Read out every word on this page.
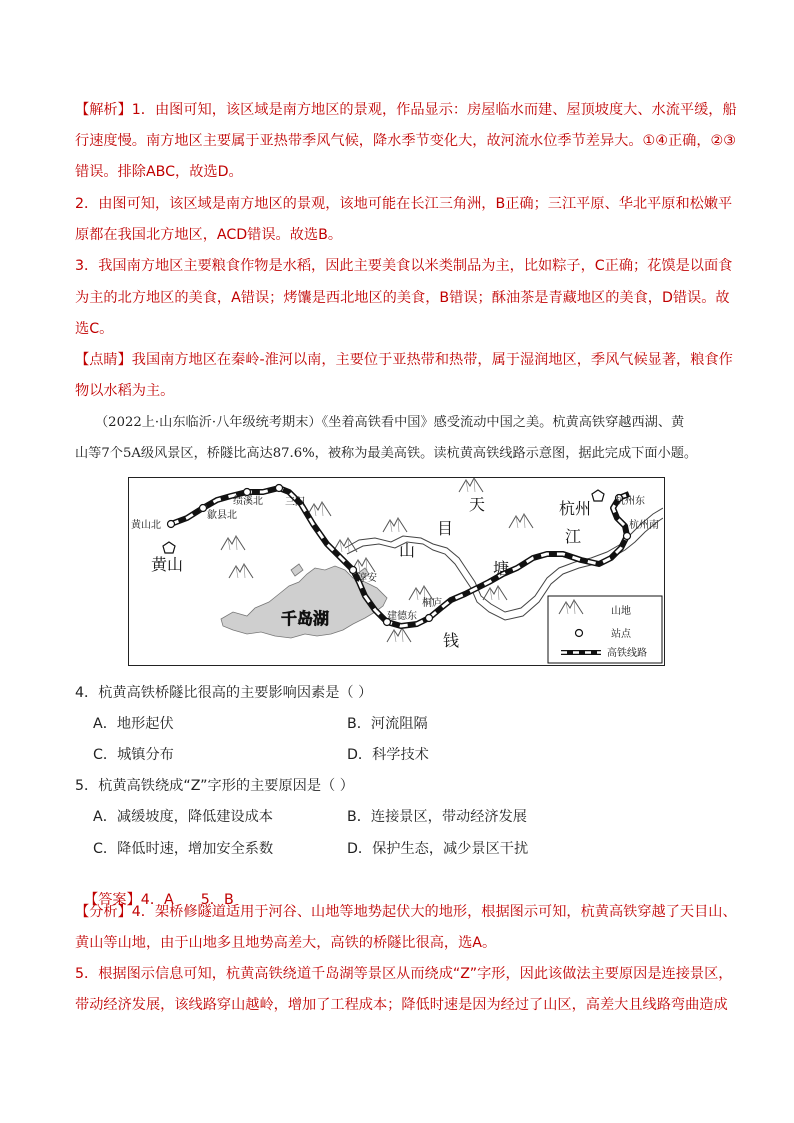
【解析】1．由图可知，该区域是南方地区的景观，作品显示：房屋临水而建、屋顶坡度大、水流平缓，船
行速度慢。南方地区主要属于亚热带季风气候，降水季节变化大，故河流水位季节差异大。①④正确，②③
错误。排除ABC，故选D。
2．由图可知，该区域是南方地区的景观，该地可能在长江三角洲，B正确；三江平原、华北平原和松嫩平
原都在我国北方地区，ACD错误。故选B。
3．我国南方地区主要粮食作物是水稻，因此主要美食以米类制品为主，比如粽子，C正确；花馍是以面食
为主的北方地区的美食，A错误；烤馕是西北地区的美食，B错误；酥油茶是青藏地区的美食，D错误。故
选C。
【点睛】我国南方地区在秦岭-淮河以南，主要位于亚热带和热带，属于湿润地区，季风气候显著，粮食作
物以水稻为主。
（2022上·山东临沂·八年级统考期末）《坐着高铁看中国》感受流动中国之美。杭黄高铁穿越西湖、黄
山等7个5A级风景区，桥隧比高达87.6%，被称为最美高铁。读杭黄高铁线路示意图，据此完成下面小题。
黄山北
歙县北
绩溪北 三阳
淳安
建德东
桐庐
杭州东
杭州南
黄山
千岛湖
天
目
山
钱
塘
江
杭州
山地
站点
高铁线路
4．杭黄高铁桥隧比很高的主要影响因素是（ ）
A．地形起伏	B．河流阻隔
C．城镇分布	D．科学技术
5．杭黄高铁绕成“Z”字形的主要原因是（ ）
A．减缓坡度，降低建设成本	B．连接景区，带动经济发展
C．降低时速，增加安全系数	D．保护生态，减少景区干扰

【答案】4．A      5．B

【分析】4．架桥修隧道适用于河谷、山地等地势起伏大的地形，根据图示可知，杭黄高铁穿越了天目山、
黄山等山地，由于山地多且地势高差大，高铁的桥隧比很高，选A。
5．根据图示信息可知，杭黄高铁绕道千岛湖等景区从而绕成“Z”字形，因此该做法主要原因是连接景区，
带动经济发展，该线路穿山越岭，增加了工程成本；降低时速是因为经过了山区，高差大且线路弯曲造成
